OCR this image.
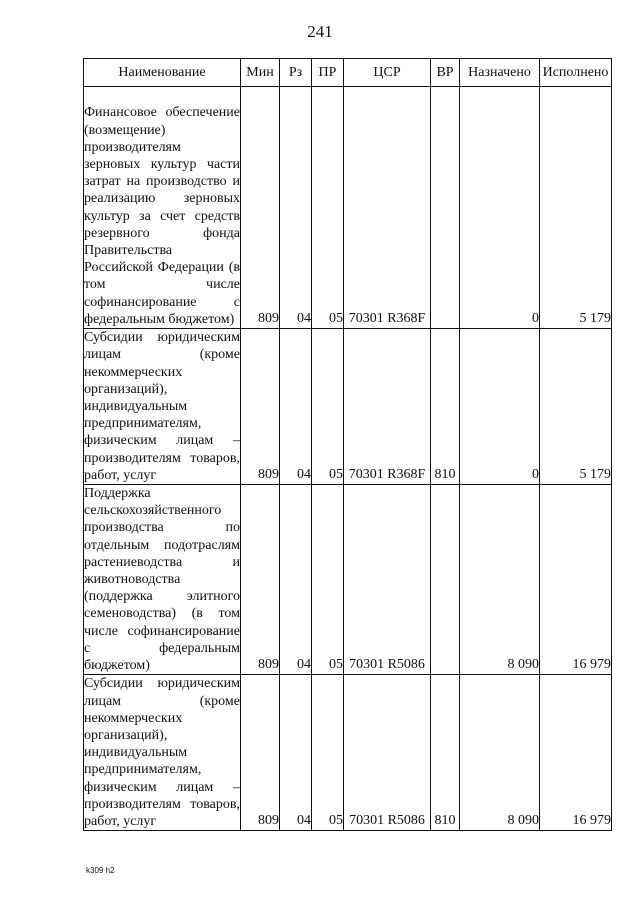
241
Наименование	Мин	Рз	ПР	ЦСР	ВР	Назначено	Исполнено
Финансовое обеспечение (возмещение) производителям зерновых культур части затрат на производство и реализацию зерновых культур за счет средств резервного фонда Правительства Российской Федерации (в том числе софинансирование с федеральным бюджетом)	809	04	05	70301 R368F		0	5 179
Субсидии юридическим лицам (кроме некоммерческих организаций), индивидуальным предпринимателям, физическим лицам – производителям товаров, работ, услуг	809	04	05	70301 R368F	810	0	5 179
Поддержка сельскохозяйственного производства по отдельным подотраслям растениеводства и животноводства (поддержка элитного семеноводства) (в том числе софинансирование с федеральным бюджетом)	809	04	05	70301 R5086		8 090	16 979
Субсидии юридическим лицам (кроме некоммерческих организаций), индивидуальным предпринимателям, физическим лицам – производителям товаров, работ, услуг	809	04	05	70301 R5086	810	8 090	16 979
k309 h2
